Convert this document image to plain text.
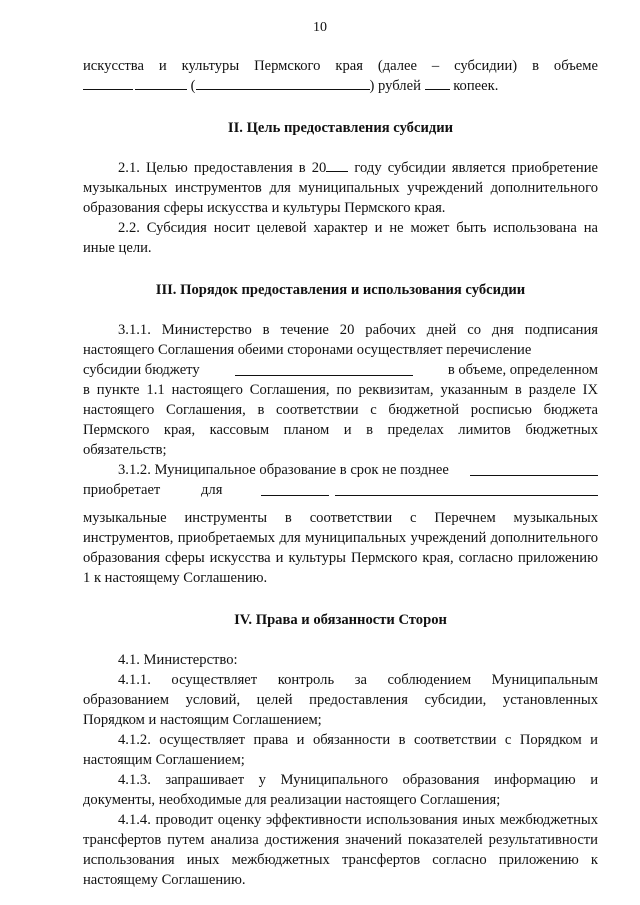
10

искусства и культуры Пермского края (далее – субсидии) в объеме

(	) рублей копеек.

II. Цель предоставления субсидии

2.1. Целью предоставления в 20 году субсидии является приобретение музыкальных инструментов для муниципальных учреждений дополнительного образования сферы искусства и культуры Пермского края.

2.2. Субсидия носит целевой характер и не может быть использована на иные цели.

III. Порядок предоставления и использования субсидии

3.1.1. Министерство в течение 20 рабочих дней со дня подписания настоящего Соглашения обеими сторонами осуществляет перечисление

субсидии бюджету	в объеме, определенном

в пункте 1.1 настоящего Соглашения, по реквизитам, указанным в разделе IX настоящего Соглашения, в соответствии с бюджетной росписью бюджета Пермского края, кассовым планом и в пределах лимитов бюджетных обязательств;

3.1.2. Муниципальное образование в срок не позднее
приобретает	для

музыкальные инструменты в соответствии с Перечнем музыкальных инструментов, приобретаемых для муниципальных учреждений дополнительного образования сферы искусства и культуры Пермского края, согласно приложению 1 к настоящему Соглашению.

IV. Права и обязанности Сторон

4.1. Министерство:

4.1.1. осуществляет контроль за соблюдением Муниципальным образованием условий, целей предоставления субсидии, установленных Порядком и настоящим Соглашением;

4.1.2. осуществляет права и обязанности в соответствии с Порядком и настоящим Соглашением;

4.1.3. запрашивает у Муниципального образования информацию и документы, необходимые для реализации настоящего Соглашения;

4.1.4. проводит оценку эффективности использования иных межбюджетных трансфертов путем анализа достижения значений показателей результативности использования иных межбюджетных трансфертов согласно приложению к настоящему Соглашению.
